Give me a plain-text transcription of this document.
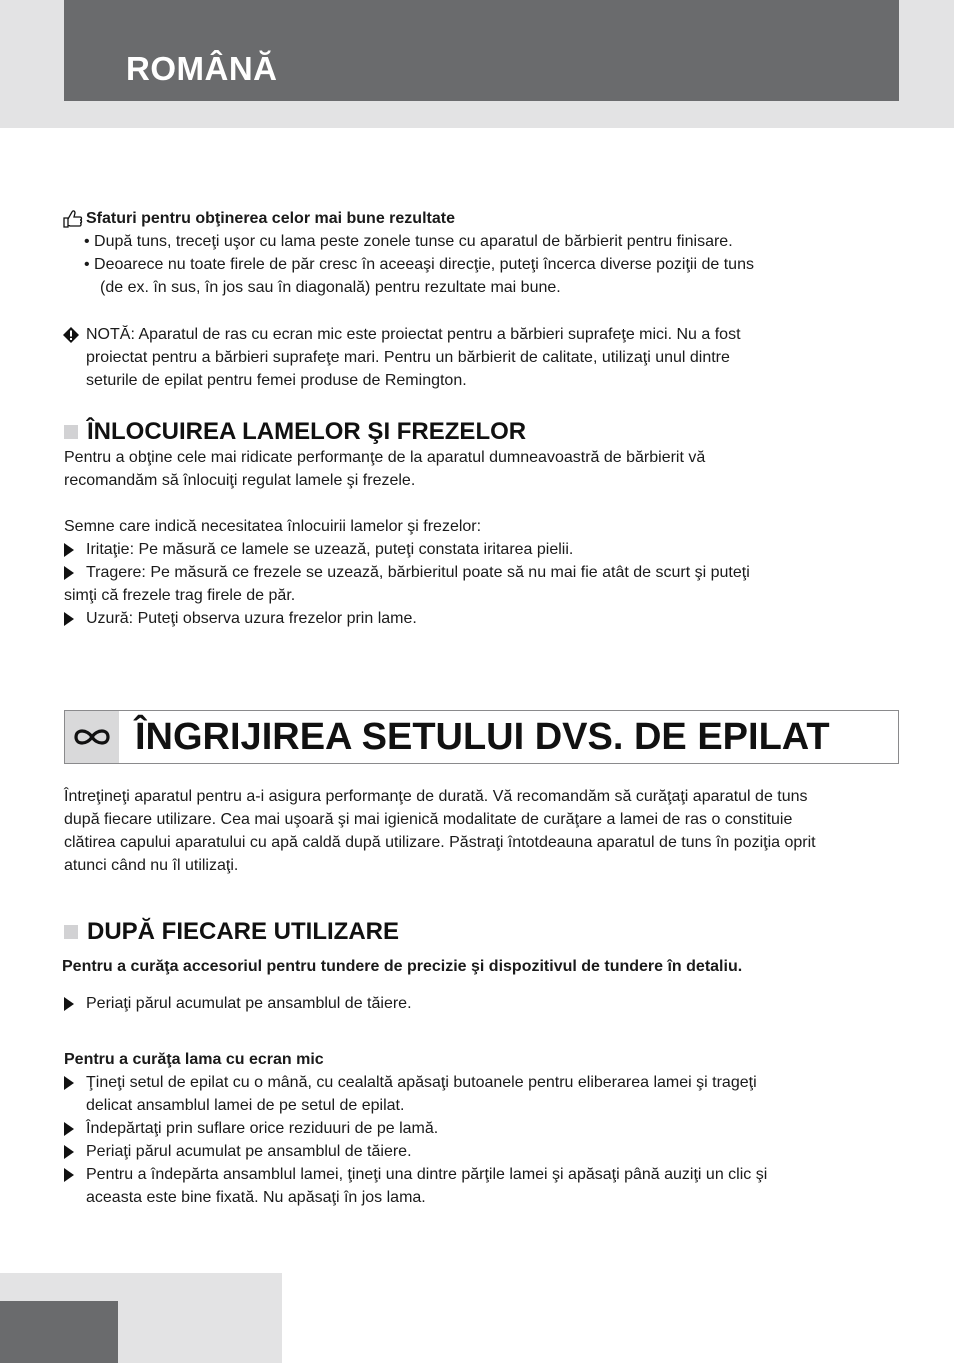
ROMÂNĂ
Sfaturi pentru obţinerea celor mai bune rezultate
• După tuns, treceţi uşor cu lama peste zonele tunse cu aparatul de bărbierit pentru finisare.
• Deoarece nu toate firele de păr cresc în aceeaşi direcţie, puteţi încerca diverse poziţii de tuns
(de ex. în sus, în jos sau în diagonală) pentru rezultate mai bune.
NOTĂ: Aparatul de ras cu ecran mic este proiectat pentru a bărbieri suprafeţe mici. Nu a fost
proiectat pentru a bărbieri suprafeţe mari. Pentru un bărbierit de calitate, utilizaţi unul dintre
seturile de epilat pentru femei produse de Remington.
ÎNLOCUIREA LAMELOR ŞI FREZELOR
Pentru a obţine cele mai ridicate performanţe de la aparatul dumneavoastră de bărbierit vă
recomandăm să înlocuiţi regulat lamele şi frezele.
Semne care indică necesitatea înlocuirii lamelor şi frezelor:
Iritaţie: Pe măsură ce lamele se uzează, puteţi constata iritarea pielii.
Tragere: Pe măsură ce frezele se uzează, bărbieritul poate să nu mai fie atât de scurt şi puteţi
simţi că frezele trag firele de păr.
Uzură: Puteţi observa uzura frezelor prin lame.
ÎNGRIJIREA SETULUI DVS. DE EPILAT
Întreţineţi aparatul pentru a-i asigura performanţe de durată. Vă recomandăm să curăţaţi aparatul de tuns
după fiecare utilizare. Cea mai uşoară şi mai igienică modalitate de curăţare a lamei de ras o constituie
clătirea capului aparatului cu apă caldă după utilizare. Păstraţi întotdeauna aparatul de tuns în poziţia oprit
atunci când nu îl utilizaţi.
DUPĂ FIECARE UTILIZARE
Pentru a curăţa accesoriul pentru tundere de precizie şi dispozitivul de tundere în detaliu.
Periaţi părul acumulat pe ansamblul de tăiere.
Pentru a curăţa lama cu ecran mic
Ţineţi setul de epilat cu o mână, cu cealaltă apăsaţi butoanele pentru eliberarea lamei şi trageţi
delicat ansamblul lamei de pe setul de epilat.
Îndepărtaţi prin suflare orice reziduuri de pe lamă.
Periaţi părul acumulat pe ansamblul de tăiere.
Pentru a îndepărta ansamblul lamei, ţineţi una dintre părţile lamei şi apăsaţi până auziţi un clic şi
aceasta este bine fixată. Nu apăsaţi în jos lama.
